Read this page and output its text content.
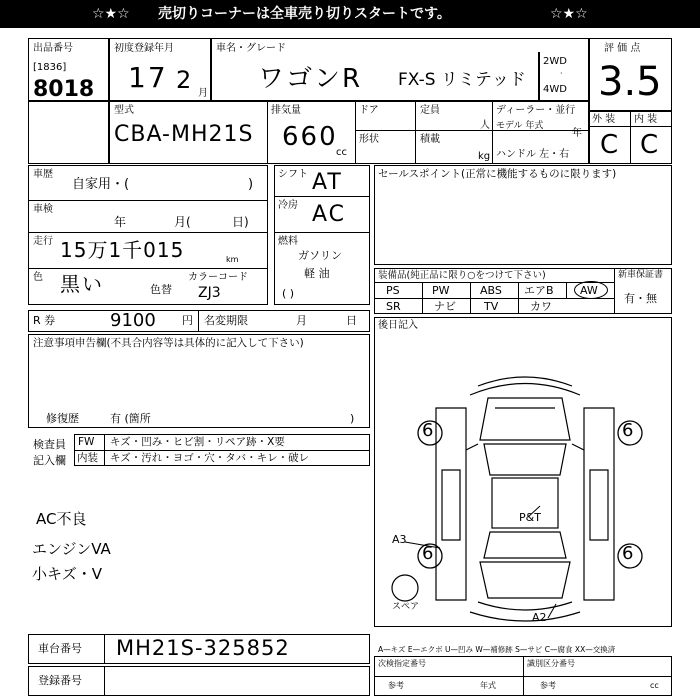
☆★☆ 売切りコーナーは全車売り切りスタートです。	☆★☆
出品番号
[1836]
8018
初度登録年月
17 2 月
車名・グレード
ワゴンR FX-S リミテッド
2WD
·
4WD
評 価 点
3.5
外 装 内 装
C C
型式
CBA-MH21S
排気量
660
cc
ドア	定員
人
ディーラー・並行
モデル 年式
年
形状	積載
kg ハンドル 左・右
車歴
自家用・(	)
車検
年	月(	日)
走行 15万1千015	km
色 黒い	色替
カラーコード
ZJ3
シフト AT
冷房 AC
燃料
ガソリン
軽 油
( )
R 券	9100 円 名変期限	月	日
注意事項申告欄(不具合内容等は具体的に記入して下さい)
修復歴	有 (箇所	)
検査員 記入欄
FW キズ・凹み・ヒビ割・リペア跡・X要
内装 キズ・汚れ・ヨゴ・穴・タバ・キレ・破レ
AC不良
エンジンVA
小キズ・V
車台番号 MH21S-325852
登録番号
セールスポイント(正常に機能するものに限ります)
装備品(純正品に限り○をつけて下さい)
PS	PW	ABS エアB AW
SR	ナビ	TV	カワ
新車保証書
有・無
後日記入
6	6
6	6
A3
A2
P&T
スペア
A—キズ E—エクボ U—凹み W—補修跡 S—サビ C—腐食 XX—交換済
次検指定番号	識別区分番号
参考	参考
年式	cc
